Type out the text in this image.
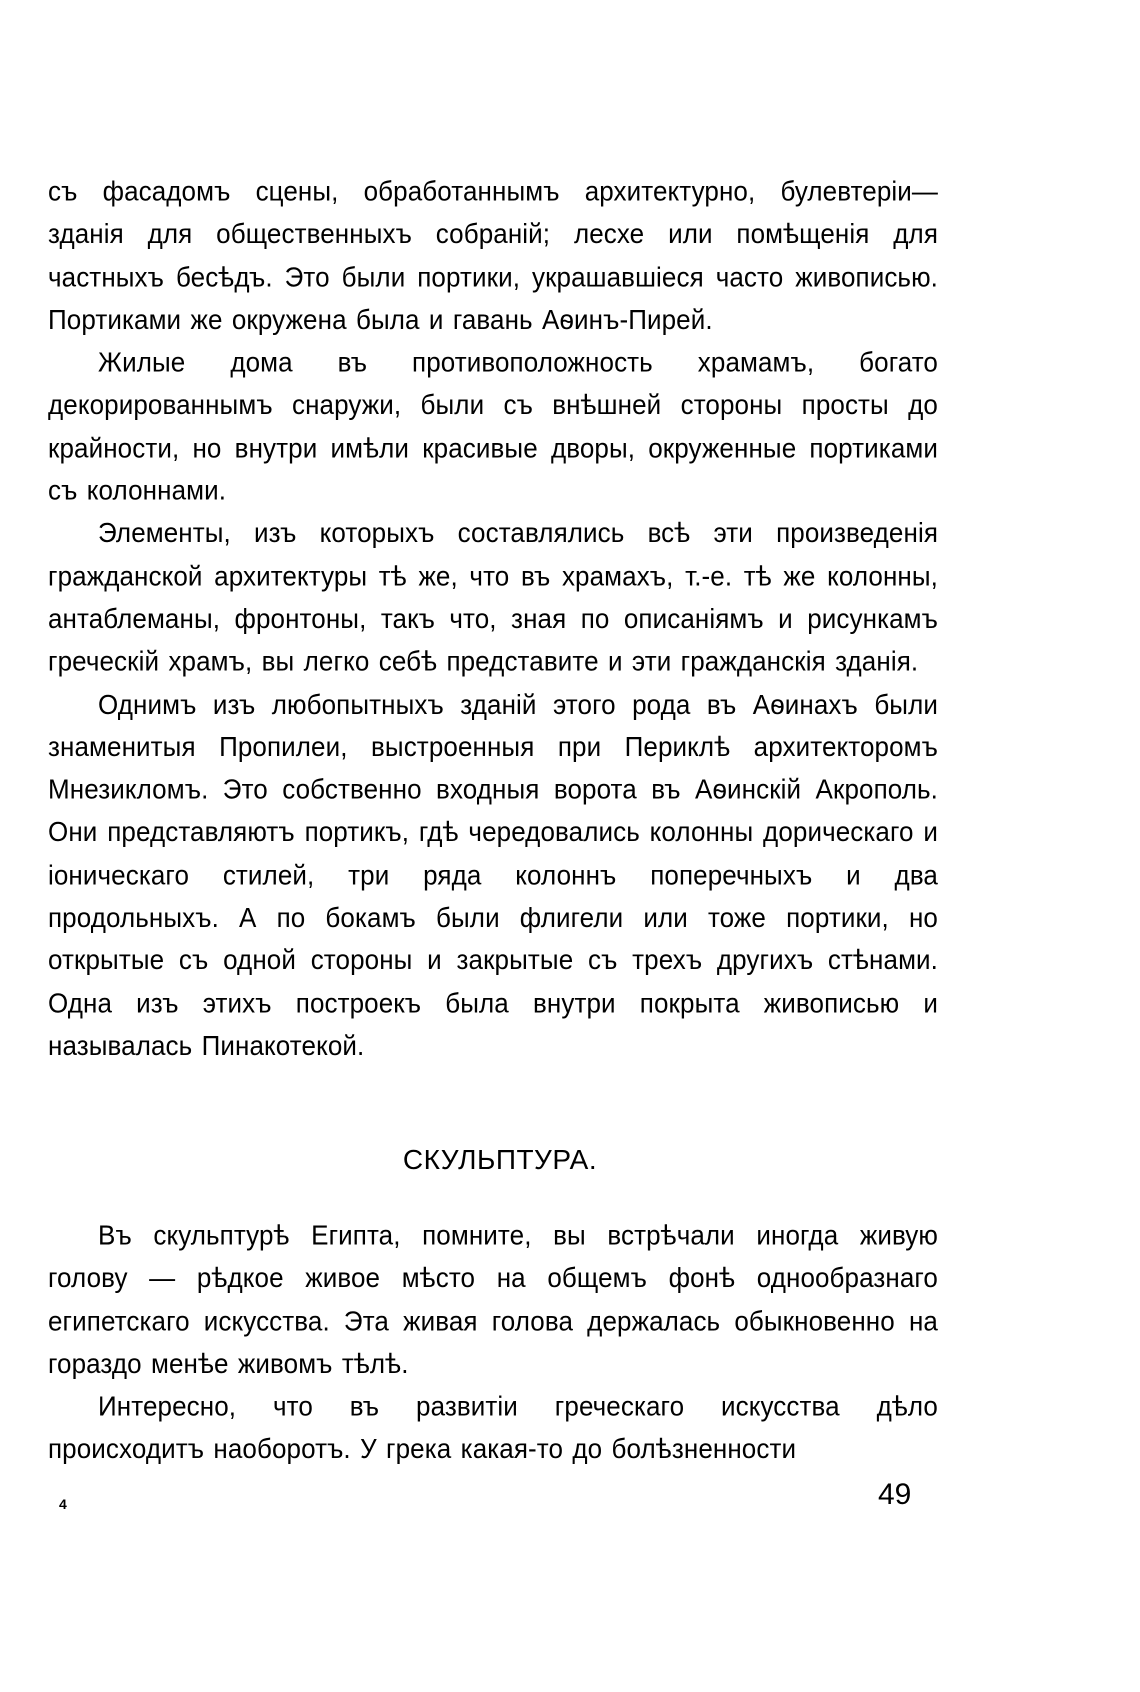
съ фасадомъ сцены, обработаннымъ архитектурно, булевтерiи— зданiя для общественныхъ собранiй; лесхе или помѣщенiя для частныхъ бесѣдъ. Это были портики, украшавшiеся часто живописью. Портиками же окружена была и гавань Аѳинъ-Пирей.

Жилые дома въ противоположность храмамъ, богато декорированнымъ снаружи, были съ внѣшней стороны просты до крайности, но внутри имѣли красивые дворы, окруженные портиками съ колоннами.

Элементы, изъ которыхъ составлялись всѣ эти произведенiя гражданской архитектуры тѣ же, что въ храмахъ, т.-е. тѣ же колонны, антаблеманы, фронтоны, такъ что, зная по описанiямъ и рисункамъ греческiй храмъ, вы легко себѣ представите и эти гражданскiя зданiя.

Однимъ изъ любопытныхъ зданiй этого рода въ Аѳинахъ были знаменитыя Пропилеи, выстроенныя при Периклѣ архитекторомъ Мнезикломъ. Это собственно входныя ворота въ Аѳинскiй Акрополь. Они представляютъ портикъ, гдѣ чередовались колонны дорическаго и iоническаго стилей, три ряда колоннъ поперечныхъ и два продольныхъ. А по бокамъ были флигели или тоже портики, но открытые съ одной стороны и закрытые съ трехъ другихъ стѣнами. Одна изъ этихъ построекъ была внутри покрыта живописью и называлась Пинакотекой.

СКУЛЬПТУРА.

Въ скульптурѣ Египта, помните, вы встрѣчали иногда живую голову — рѣдкое живое мѣсто на общемъ фонѣ однообразнаго египетскаго искусства. Эта живая голова держалась обыкновенно на гораздо менѣе живомъ тѣлѣ.

Интересно, что въ развитiи греческаго искусства дѣло происходитъ наоборотъ. У грека какая-то до болѣзненности

4	49
